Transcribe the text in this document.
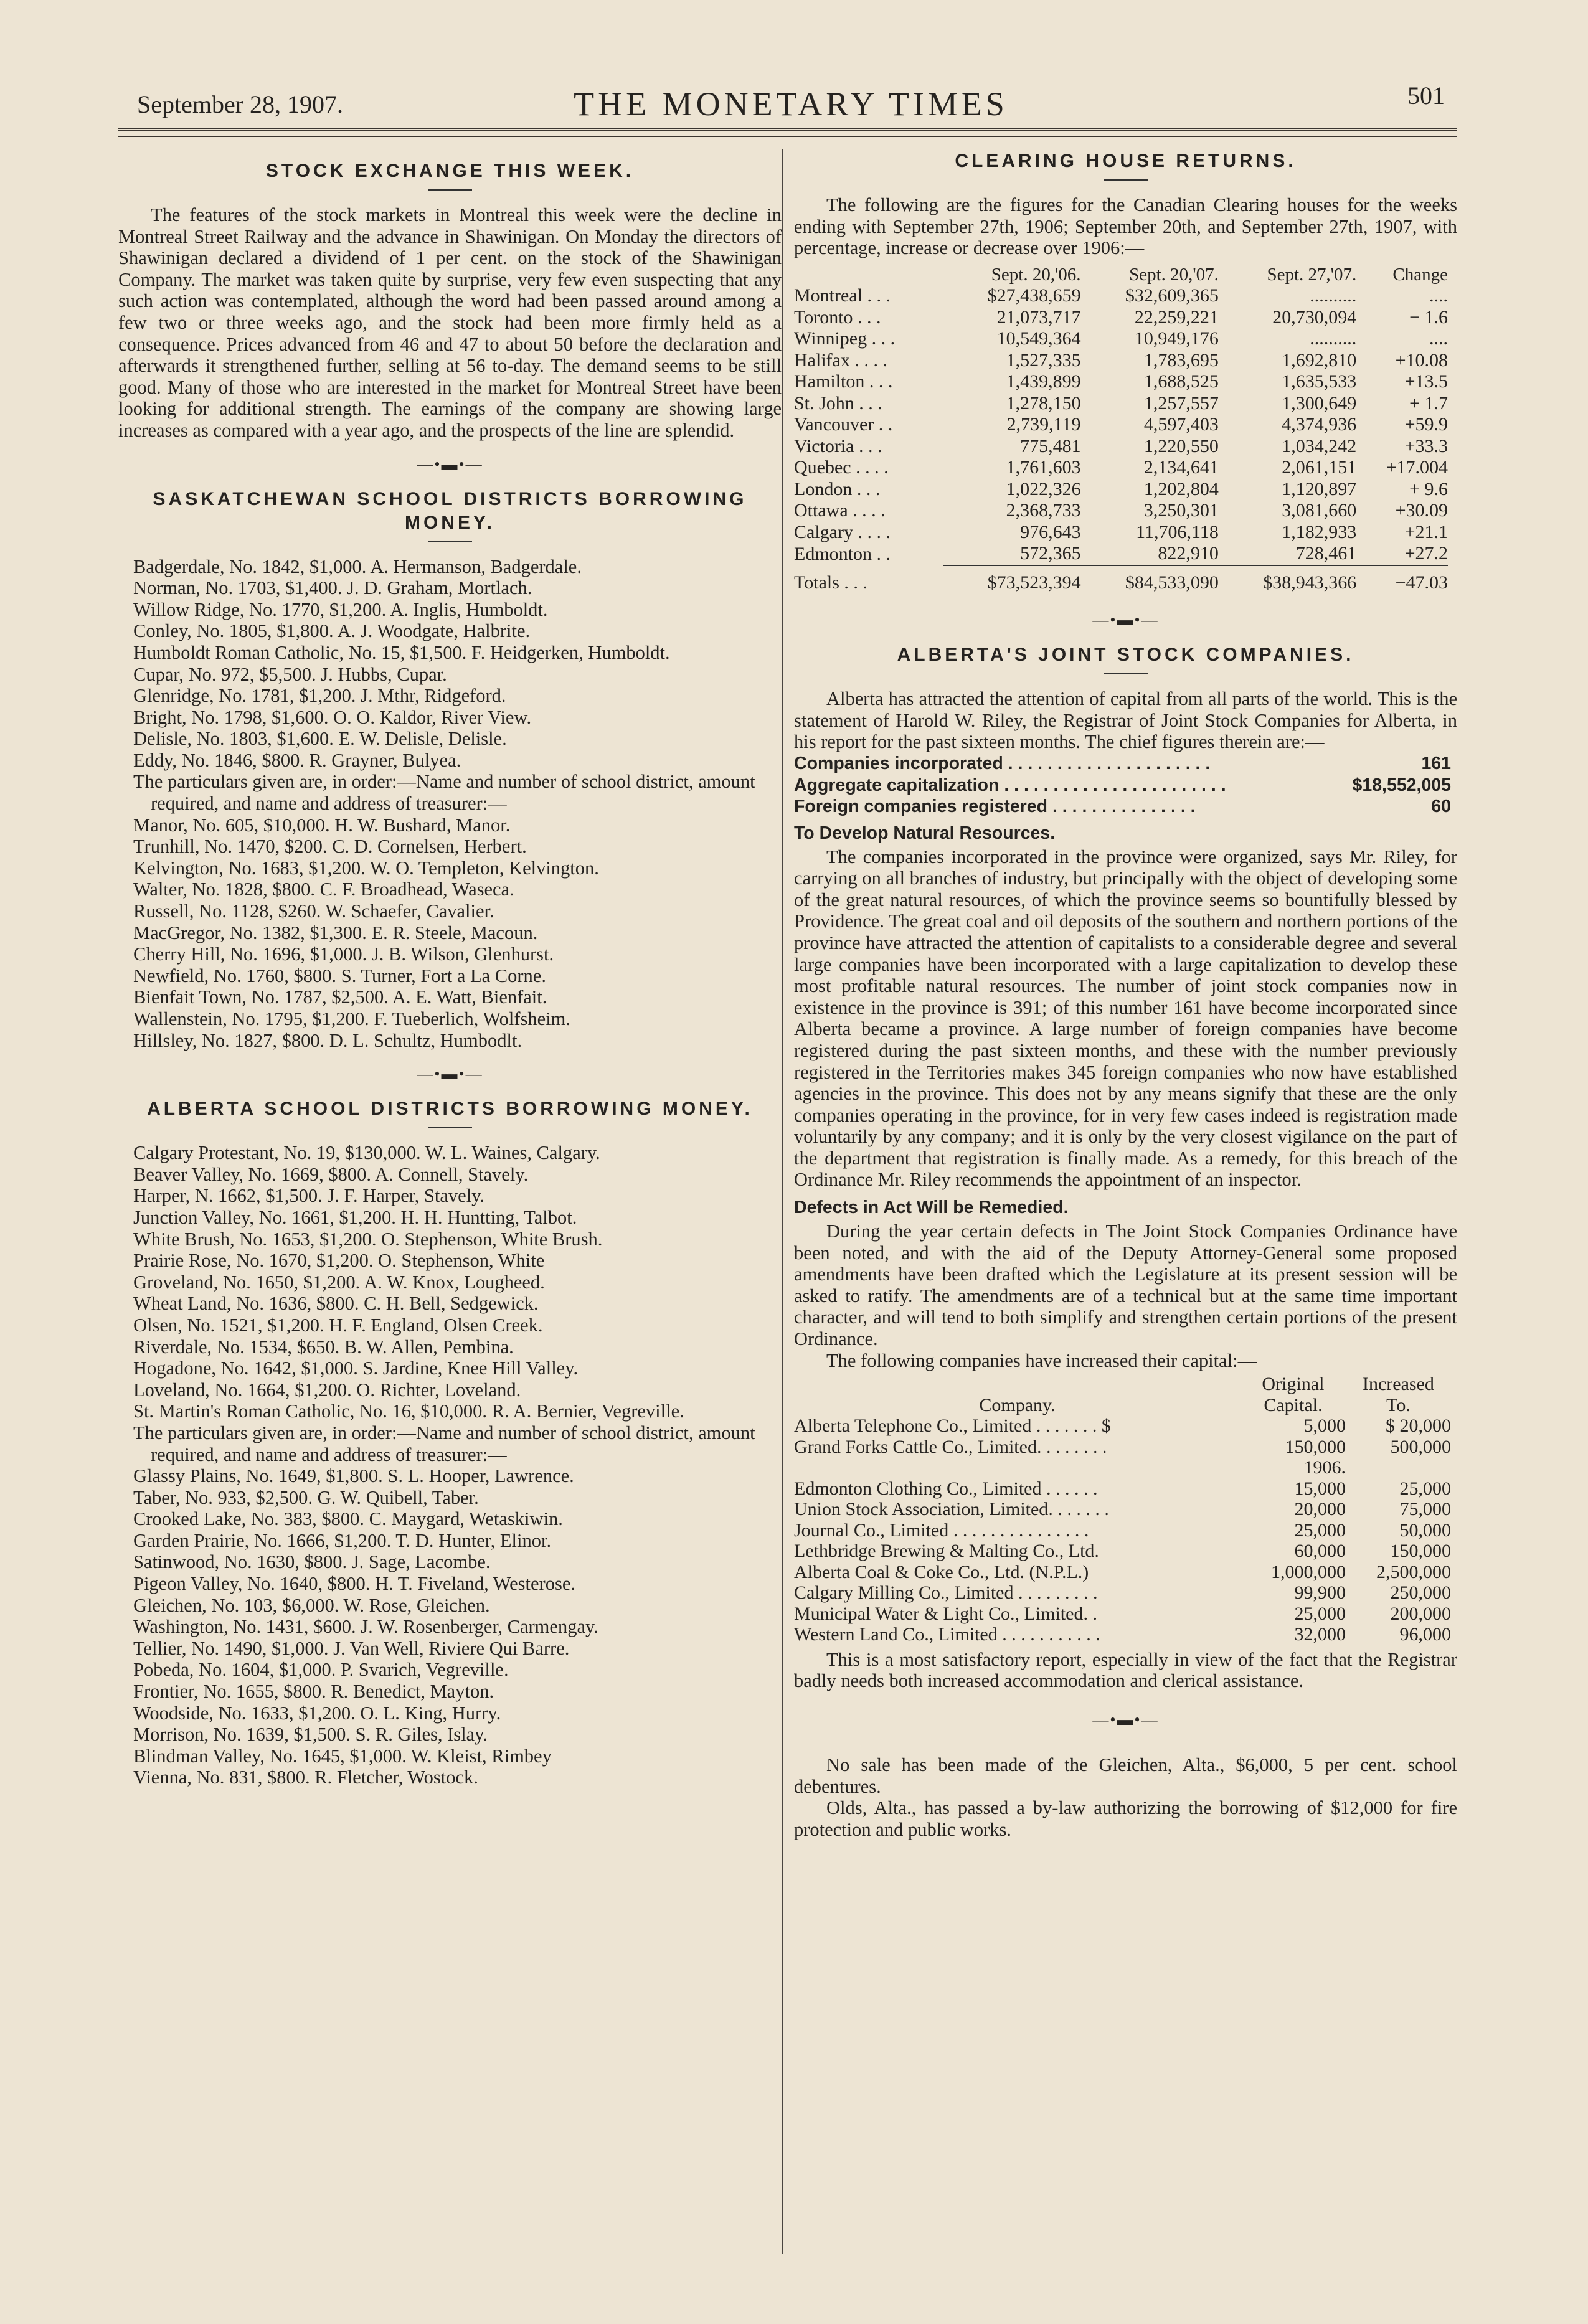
September 28, 1907.	THE MONETARY TIMES	501
STOCK EXCHANGE THIS WEEK.

The features of the stock markets in Montreal this week were the decline in Montreal Street Railway and the advance in Shawinigan. On Monday the directors of Shawinigan declared a dividend of 1 per cent. on the stock of the Shawinigan Company. The market was taken quite by surprise, very few even suspecting that any such action was contemplated, although the word had been passed around among a few two or three weeks ago, and the stock had been more firmly held as a consequence. Prices advanced from 46 and 47 to about 50 before the declaration and afterwards it strengthened further, selling at 56 to-day. The demand seems to be still good. Many of those who are interested in the market for Montreal Street have been looking for additional strength. The earnings of the company are showing large increases as compared with a year ago, and the prospects of the line are splendid.

—•▬•—
SASKATCHEWAN SCHOOL DISTRICTS BORROWING MONEY.
Badgerdale, No. 1842, $1,000. A. Hermanson, Badgerdale.
Norman, No. 1703, $1,400. J. D. Graham, Mortlach.
Willow Ridge, No. 1770, $1,200. A. Inglis, Humboldt.
Conley, No. 1805, $1,800. A. J. Woodgate, Halbrite.
Humboldt Roman Catholic, No. 15, $1,500. F. Heidgerken, Humboldt.
Cupar, No. 972, $5,500. J. Hubbs, Cupar.
Glenridge, No. 1781, $1,200. J. Mthr, Ridgeford.
Bright, No. 1798, $1,600. O. O. Kaldor, River View.
Delisle, No. 1803, $1,600. E. W. Delisle, Delisle.
Eddy, No. 1846, $800. R. Grayner, Bulyea.
The particulars given are, in order:—Name and number of school district, amount required, and name and address of treasurer:—
Manor, No. 605, $10,000. H. W. Bushard, Manor.
Trunhill, No. 1470, $200. C. D. Cornelsen, Herbert.
Kelvington, No. 1683, $1,200. W. O. Templeton, Kelvington.
Walter, No. 1828, $800. C. F. Broadhead, Waseca.
Russell, No. 1128, $260. W. Schaefer, Cavalier.
MacGregor, No. 1382, $1,300. E. R. Steele, Macoun.
Cherry Hill, No. 1696, $1,000. J. B. Wilson, Glenhurst.
Newfield, No. 1760, $800. S. Turner, Fort a La Corne.
Bienfait Town, No. 1787, $2,500. A. E. Watt, Bienfait.
Wallenstein, No. 1795, $1,200. F. Tueberlich, Wolfsheim.
Hillsley, No. 1827, $800. D. L. Schultz, Humbodlt.
—•▬•—
ALBERTA SCHOOL DISTRICTS BORROWING MONEY.
Calgary Protestant, No. 19, $130,000. W. L. Waines, Calgary.
Beaver Valley, No. 1669, $800. A. Connell, Stavely.
Harper, N. 1662, $1,500. J. F. Harper, Stavely.
Junction Valley, No. 1661, $1,200. H. H. Huntting, Talbot.
White Brush, No. 1653, $1,200. O. Stephenson, White Brush.
Prairie Rose, No. 1670, $1,200. O. Stephenson, White
Groveland, No. 1650, $1,200. A. W. Knox, Lougheed.
Wheat Land, No. 1636, $800. C. H. Bell, Sedgewick.
Olsen, No. 1521, $1,200. H. F. England, Olsen Creek.
Riverdale, No. 1534, $650. B. W. Allen, Pembina.
Hogadone, No. 1642, $1,000. S. Jardine, Knee Hill Valley.
Loveland, No. 1664, $1,200. O. Richter, Loveland.
St. Martin's Roman Catholic, No. 16, $10,000. R. A. Bernier, Vegreville.
The particulars given are, in order:—Name and number of school district, amount required, and name and address of treasurer:—
Glassy Plains, No. 1649, $1,800. S. L. Hooper, Lawrence.
Taber, No. 933, $2,500. G. W. Quibell, Taber.
Crooked Lake, No. 383, $800. C. Maygard, Wetaskiwin.
Garden Prairie, No. 1666, $1,200. T. D. Hunter, Elinor.
Satinwood, No. 1630, $800. J. Sage, Lacombe.
Pigeon Valley, No. 1640, $800. H. T. Fiveland, Westerose.
Gleichen, No. 103, $6,000. W. Rose, Gleichen.
Washington, No. 1431, $600. J. W. Rosenberger, Carmengay.
Tellier, No. 1490, $1,000. J. Van Well, Riviere Qui Barre.
Pobeda, No. 1604, $1,000. P. Svarich, Vegreville.
Frontier, No. 1655, $800. R. Benedict, Mayton.
Woodside, No. 1633, $1,200. O. L. King, Hurry.
Morrison, No. 1639, $1,500. S. R. Giles, Islay.
Blindman Valley, No. 1645, $1,000. W. Kleist, Rimbey
Vienna, No. 831, $800. R. Fletcher, Wostock.
CLEARING HOUSE RETURNS.

The following are the figures for the Canadian Clearing houses for the weeks ending with September 27th, 1906; September 20th, and September 27th, 1907, with percentage, increase or decrease over 1906:—

	Sept. 20,'06.	Sept. 20,'07.	Sept. 27,'07.	Change
Montreal . . .	$27,438,659	$32,609,365	..........	....
Toronto . . .	21,073,717	22,259,221	20,730,094	− 1.6
Winnipeg . . .	10,549,364	10,949,176	..........	....
Halifax . . . .	1,527,335	1,783,695	1,692,810	+10.08
Hamilton . . .	1,439,899	1,688,525	1,635,533	+13.5
St. John . . .	1,278,150	1,257,557	1,300,649	+ 1.7
Vancouver . .	2,739,119	4,597,403	4,374,936	+59.9
Victoria . . .	775,481	1,220,550	1,034,242	+33.3
Quebec . . . .	1,761,603	2,134,641	2,061,151	+17.004
London . . .	1,022,326	1,202,804	1,120,897	+ 9.6
Ottawa . . . .	2,368,733	3,250,301	3,081,660	+30.09
Calgary . . . .	976,643	11,706,118	1,182,933	+21.1
Edmonton . .	572,365	822,910	728,461	+27.2

Totals . . .	$73,523,394	$84,533,090	$38,943,366	−47.03
—•▬•—
ALBERTA'S JOINT STOCK COMPANIES.

Alberta has attracted the attention of capital from all parts of the world. This is the statement of Harold W. Riley, the Registrar of Joint Stock Companies for Alberta, in his report for the past sixteen months. The chief figures therein are:—

Companies incorporated . . . . . . . . . . . . . . . . . . . . .	161
Aggregate capitalization . . . . . . . . . . . . . . . . . . . . . . .	$18,552,005
Foreign companies registered . . . . . . . . . . . . . . .	60
To Develop Natural Resources.

The companies incorporated in the province were organized, says Mr. Riley, for carrying on all branches of industry, but principally with the object of developing some of the great natural resources, of which the province seems so bountifully blessed by Providence. The great coal and oil deposits of the southern and northern portions of the province have attracted the attention of capitalists to a considerable degree and several large companies have been incorporated with a large capitalization to develop these most profitable natural resources. The number of joint stock companies now in existence in the province is 391; of this number 161 have become incorporated since Alberta became a province. A large number of foreign companies have become registered during the past sixteen months, and these with the number previously registered in the Territories makes 345 foreign companies who now have established agencies in the province. This does not by any means signify that these are the only companies operating in the province, for in very few cases indeed is registration made voluntarily by any company; and it is only by the very closest vigilance on the part of the department that registration is finally made. As a remedy, for this breach of the Ordinance Mr. Riley recommends the appointment of an inspector.

Defects in Act Will be Remedied.

During the year certain defects in The Joint Stock Companies Ordinance have been noted, and with the aid of the Deputy Attorney-General some proposed amendments have been drafted which the Legislature at its present session will be asked to ratify. The amendments are of a technical but at the same time important character, and will tend to both simplify and strengthen certain portions of the present Ordinance.

The following companies have increased their capital:—

	Original	Increased
Company.	Capital.	To.
Alberta Telephone Co., Limited . . . . . . . $	5,000	$ 20,000
Grand Forks Cattle Co., Limited. . . . . . . .	150,000	500,000
	1906.	
Edmonton Clothing Co., Limited . . . . . .	15,000	25,000
Union Stock Association, Limited. . . . . . .	20,000	75,000
Journal Co., Limited . . . . . . . . . . . . . . .	25,000	50,000
Lethbridge Brewing & Malting Co., Ltd.	60,000	150,000
Alberta Coal & Coke Co., Ltd. (N.P.L.)	1,000,000	2,500,000
Calgary Milling Co., Limited . . . . . . . . .	99,900	250,000
Municipal Water & Light Co., Limited. .	25,000	200,000
Western Land Co., Limited . . . . . . . . . . .	32,000	96,000

This is a most satisfactory report, especially in view of the fact that the Registrar badly needs both increased accommodation and clerical assistance.

—•▬•—

No sale has been made of the Gleichen, Alta., $6,000, 5 per cent. school debentures.

Olds, Alta., has passed a by-law authorizing the borrowing of $12,000 for fire protection and public works.
